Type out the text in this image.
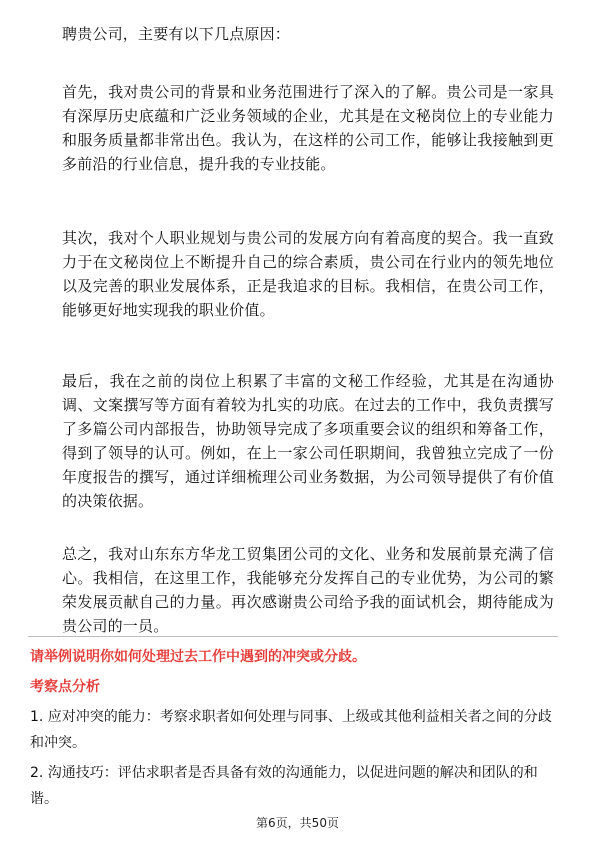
聘贵公司，主要有以下几点原因：

首先，我对贵公司的背景和业务范围进行了深入的了解。贵公司是一家具有深厚历史底蕴和广泛业务领域的企业，尤其是在文秘岗位上的专业能力和服务质量都非常出色。我认为，在这样的公司工作，能够让我接触到更多前沿的行业信息，提升我的专业技能。

其次，我对个人职业规划与贵公司的发展方向有着高度的契合。我一直致力于在文秘岗位上不断提升自己的综合素质，贵公司在行业内的领先地位以及完善的职业发展体系，正是我追求的目标。我相信，在贵公司工作，能够更好地实现我的职业价值。

最后，我在之前的岗位上积累了丰富的文秘工作经验，尤其是在沟通协调、文案撰写等方面有着较为扎实的功底。在过去的工作中，我负责撰写了多篇公司内部报告，协助领导完成了多项重要会议的组织和筹备工作，得到了领导的认可。例如，在上一家公司任职期间，我曾独立完成了一份年度报告的撰写，通过详细梳理公司业务数据，为公司领导提供了有价值的决策依据。

总之，我对山东东方华龙工贸集团公司的文化、业务和发展前景充满了信心。我相信，在这里工作，我能够充分发挥自己的专业优势，为公司的繁荣发展贡献自己的力量。再次感谢贵公司给予我的面试机会，期待能成为贵公司的一员。

请举例说明你如何处理过去工作中遇到的冲突或分歧。

考察点分析

1. 应对冲突的能力：考察求职者如何处理与同事、上级或其他利益相关者之间的分歧和冲突。

2. 沟通技巧：评估求职者是否具备有效的沟通能力，以促进问题的解决和团队的和谐。

第6页，共50页
